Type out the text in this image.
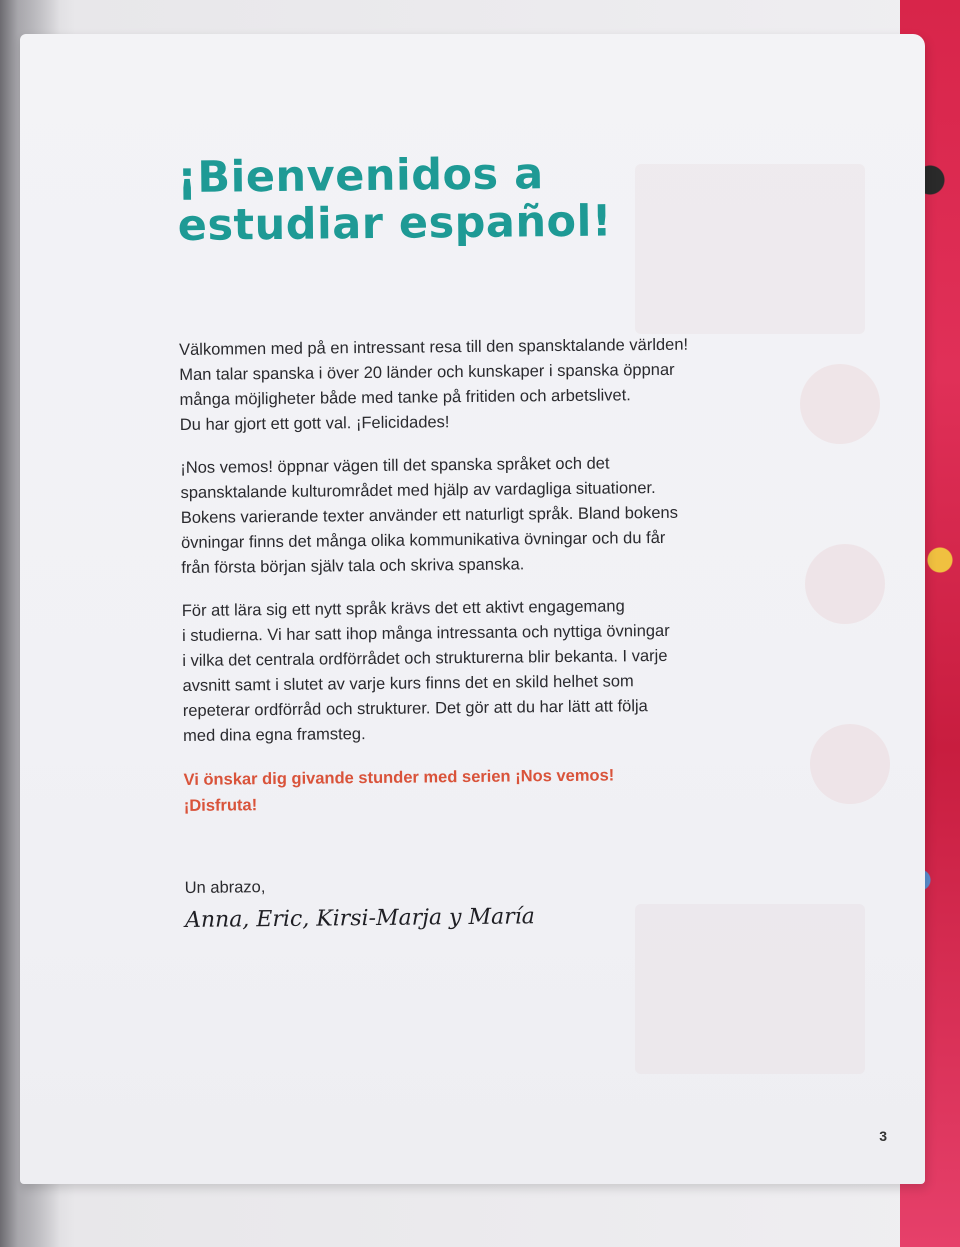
¡Bienvenidos a
estudiar español!

Välkommen med på en intressant resa till den spansktalande världen!
Man talar spanska i över 20 länder och kunskaper i spanska öppnar
många möjligheter både med tanke på fritiden och arbetslivet.
Du har gjort ett gott val. ¡Felicidades!

¡Nos vemos! öppnar vägen till det spanska språket och det
spansktalande kulturområdet med hjälp av vardagliga situationer.
Bokens varierande texter använder ett naturligt språk. Bland bokens
övningar finns det många olika kommunikativa övningar och du får
från första början själv tala och skriva spanska.

För att lära sig ett nytt språk krävs det ett aktivt engagemang
i studierna. Vi har satt ihop många intressanta och nyttiga övningar
i vilka det centrala ordförrådet och strukturerna blir bekanta. I varje
avsnitt samt i slutet av varje kurs finns det en skild helhet som
repeterar ordförråd och strukturer. Det gör att du har lätt att följa
med dina egna framsteg.

Vi önskar dig givande stunder med serien ¡Nos vemos!
¡Disfruta!
Un abrazo,
Anna, Eric, Kirsi-Marja y María
3
